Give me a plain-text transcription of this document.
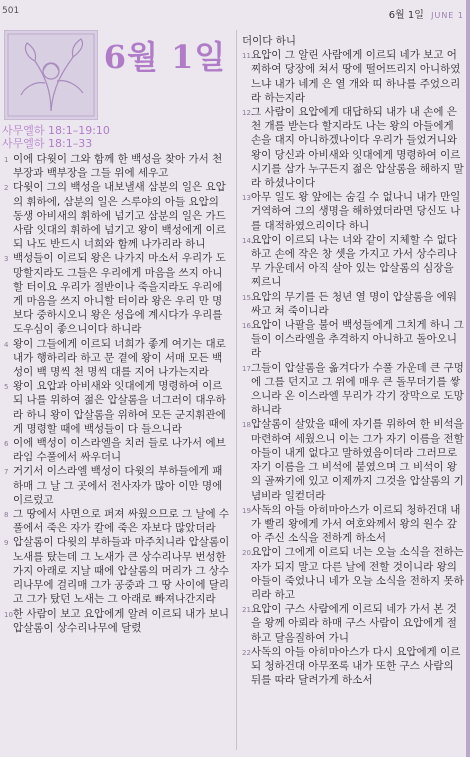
501	6월 1일 JUNE 1
6월 1일
사무엘하 18:1–19:10
사무엘하 18:1–33

1 이에 다윗이 그와 함께 한 백성을 찾아 가서 천부장과 백부장을 그들 위에 세우고

2 다윗이 그의 백성을 내보낼새 삼분의 일은 요압의 휘하에, 삼분의 일은 스루야의 아들 요압의 동생 아비새의 휘하에 넘기고 삼분의 일은 가드 사람 잇대의 휘하에 넘기고 왕이 백성에게 이르되 나도 반드시 너희와 함께 나가리라 하니

3 백성들이 이르되 왕은 나가지 마소서 우리가 도망할지라도 그들은 우리에게 마음을 쓰지 아니할 터이요 우리가 절반이나 죽을지라도 우리에게 마음을 쓰지 아니할 터이라 왕은 우리 만 명보다 중하시오니 왕은 성읍에 계시다가 우리를 도우심이 좋으니이다 하니라

4 왕이 그들에게 이르되 너희가 좋게 여기는 대로 내가 행하리라 하고 문 곁에 왕이 서매 모든 백성이 백 명씩 천 명씩 대를 지어 나가는지라

5 왕이 요압과 아비새와 잇대에게 명령하여 이르되 나를 위하여 젊은 압살롬을 너그러이 대우하라 하니 왕이 압살롬을 위하여 모든 군지휘관에게 명령할 때에 백성들이 다 들으니라

6 이에 백성이 이스라엘을 치러 들로 나가서 에브라임 수풀에서 싸우더니

7 거기서 이스라엘 백성이 다윗의 부하들에게 패하매 그 날 그 곳에서 전사자가 많아 이만 명에 이르렀고

8 그 땅에서 사면으로 퍼져 싸웠으므로 그 날에 수풀에서 죽은 자가 칼에 죽은 자보다 많았더라

9 압살롬이 다윗의 부하들과 마주치니라 압살롬이 노새를 탔는데 그 노새가 큰 상수리나무 번성한 가지 아래로 지날 때에 압살롬의 머리가 그 상수리나무에 걸리매 그가 공중과 그 땅 사이에 달리고 그가 탔던 노새는 그 아래로 빠져나간지라

10 한 사람이 보고 요압에게 알려 이르되 내가 보니 압살롬이 상수리나무에 달렸

더이다 하니

11 요압이 그 알린 사람에게 이르되 네가 보고 어찌하여 당장에 쳐서 땅에 떨어뜨리지 아니하였느냐 내가 네게 은 열 개와 띠 하나를 주었으리라 하는지라

12 그 사람이 요압에게 대답하되 내가 내 손에 은 천 개를 받는다 할지라도 나는 왕의 아들에게 손을 대지 아니하겠나이다 우리가 들었거니와 왕이 당신과 아비새와 잇대에게 명령하여 이르시기를 삼가 누구든지 젊은 압살롬을 해하지 말라 하셨나이다

13 아무 일도 왕 앞에는 숨길 수 없나니 내가 만일 거역하여 그의 생명을 해하였더라면 당신도 나를 대적하였으리이다 하니

14 요압이 이르되 나는 너와 같이 지체할 수 없다 하고 손에 작은 창 셋을 가지고 가서 상수리나무 가운데서 아직 살아 있는 압살롬의 심장을 찌르니

15 요압의 무기를 든 청년 열 명이 압살롬을 에워싸고 쳐 죽이니라

16 요압이 나팔을 불어 백성들에게 그치게 하니 그들이 이스라엘을 추격하지 아니하고 돌아오니라

17 그들이 압살롬을 옮겨다가 수풀 가운데 큰 구멍에 그를 던지고 그 위에 매우 큰 돌무더기를 쌓으니라 온 이스라엘 무리가 각기 장막으로 도망하니라

18 압살롬이 살았을 때에 자기를 위하여 한 비석을 마련하여 세웠으니 이는 그가 자기 이름을 전할 아들이 내게 없다고 말하였음이더라 그러므로 자기 이름을 그 비석에 붙였으며 그 비석이 왕의 골짜기에 있고 이제까지 그것을 압살롬의 기념비라 일컫더라

19 사독의 아들 아히마아스가 이르되 청하건대 내가 빨리 왕에게 가서 여호와께서 왕의 원수 갚아 주신 소식을 전하게 하소서

20 요압이 그에게 이르되 너는 오늘 소식을 전하는 자가 되지 말고 다른 날에 전할 것이니라 왕의 아들이 죽었나니 네가 오늘 소식을 전하지 못하리라 하고

21 요압이 구스 사람에게 이르되 네가 가서 본 것을 왕께 아뢰라 하매 구스 사람이 요압에게 절하고 달음질하여 가니

22 사독의 아들 아히마아스가 다시 요압에게 이르되 청하건대 아무쪼록 내가 또한 구스 사람의 뒤를 따라 달려가게 하소서
